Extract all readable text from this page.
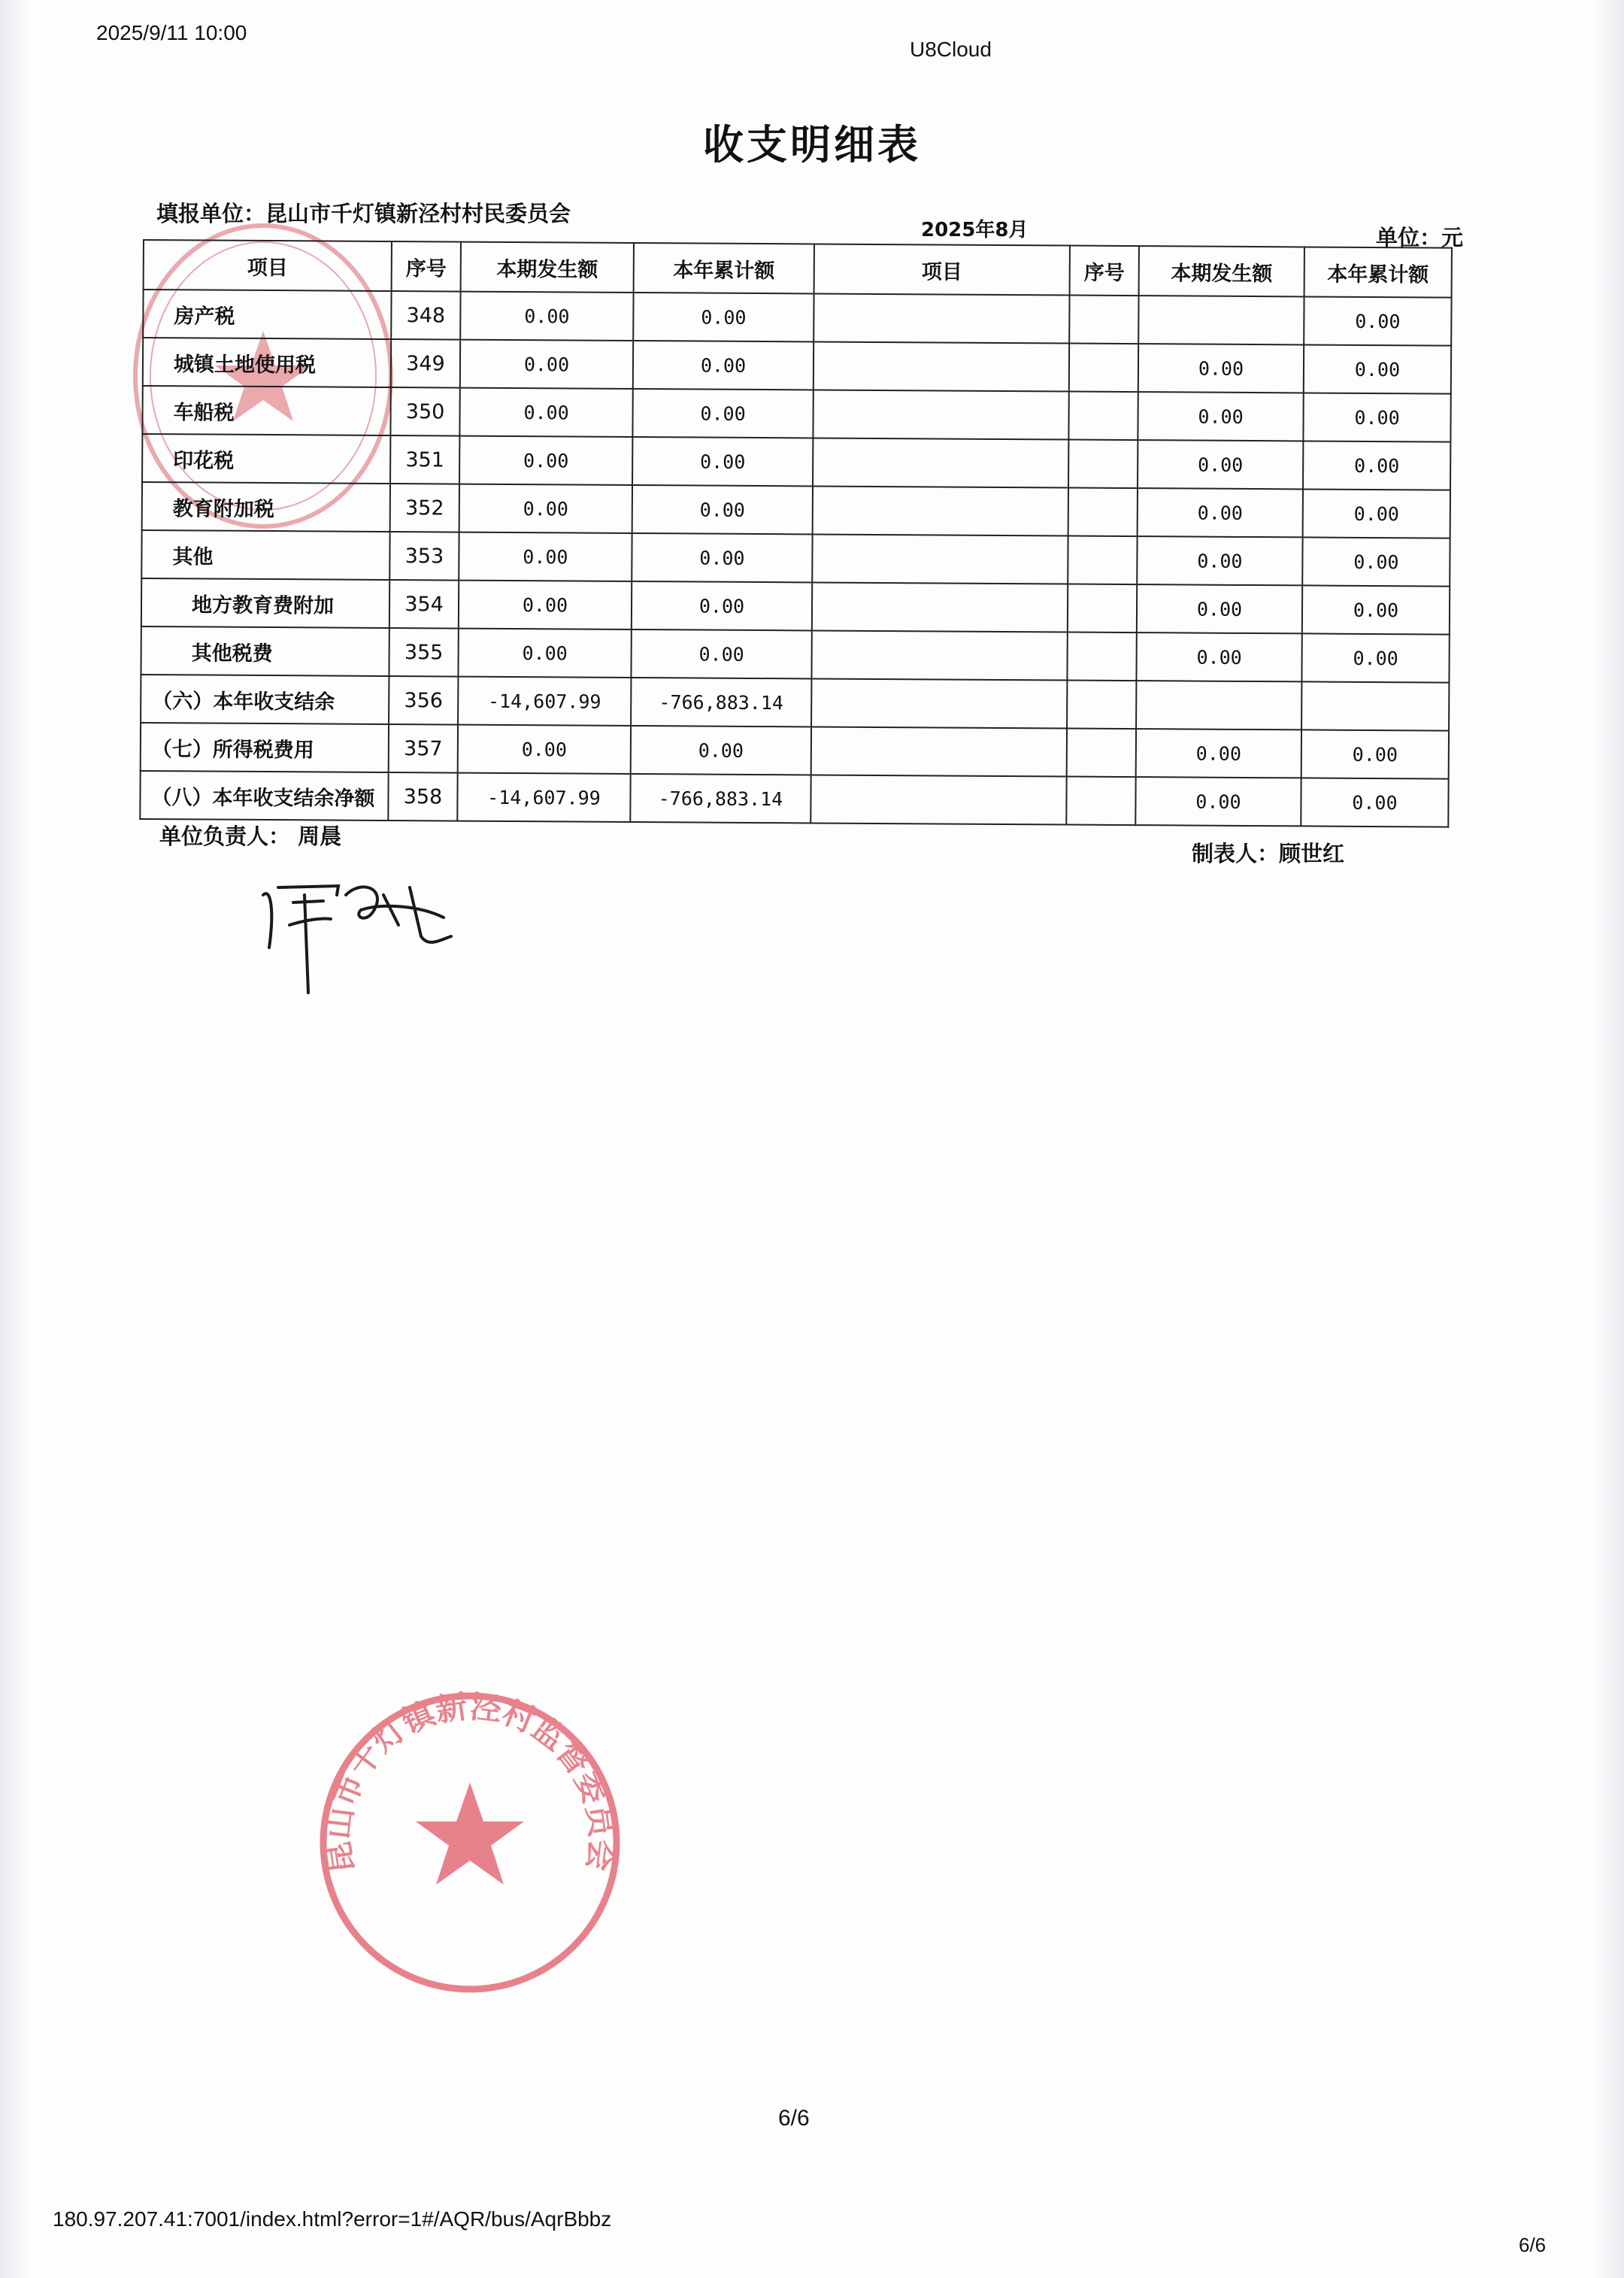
2025/9/11 10:00
U8Cloud
收支明细表
填报单位：昆山市千灯镇新泾村村民委员会
2025年8月	单位：元
项目	序号	本期发生额	本年累计额	项目	序号	本期发生额	本年累计额
房产税	348	0.00	0.00				0.00
城镇土地使用税	349	0.00	0.00			0.00	0.00
车船税	350	0.00	0.00			0.00	0.00
印花税	351	0.00	0.00			0.00	0.00
教育附加税	352	0.00	0.00			0.00	0.00
其他	353	0.00	0.00			0.00	0.00
地方教育费附加	354	0.00	0.00			0.00	0.00
其他税费	355	0.00	0.00			0.00	0.00
（六）本年收支结余	356	-14,607.99	-766,883.14				
（七）所得税费用	357	0.00	0.00			0.00	0.00
（八）本年收支结余净额	358	-14,607.99	-766,883.14			0.00	0.00
单位负责人： 周晨
制表人：顾世红
昆山市千灯镇新泾村监督委员会
6/6
180.97.207.41:7001/index.html?error=1#/AQR/bus/AqrBbbz
6/6
